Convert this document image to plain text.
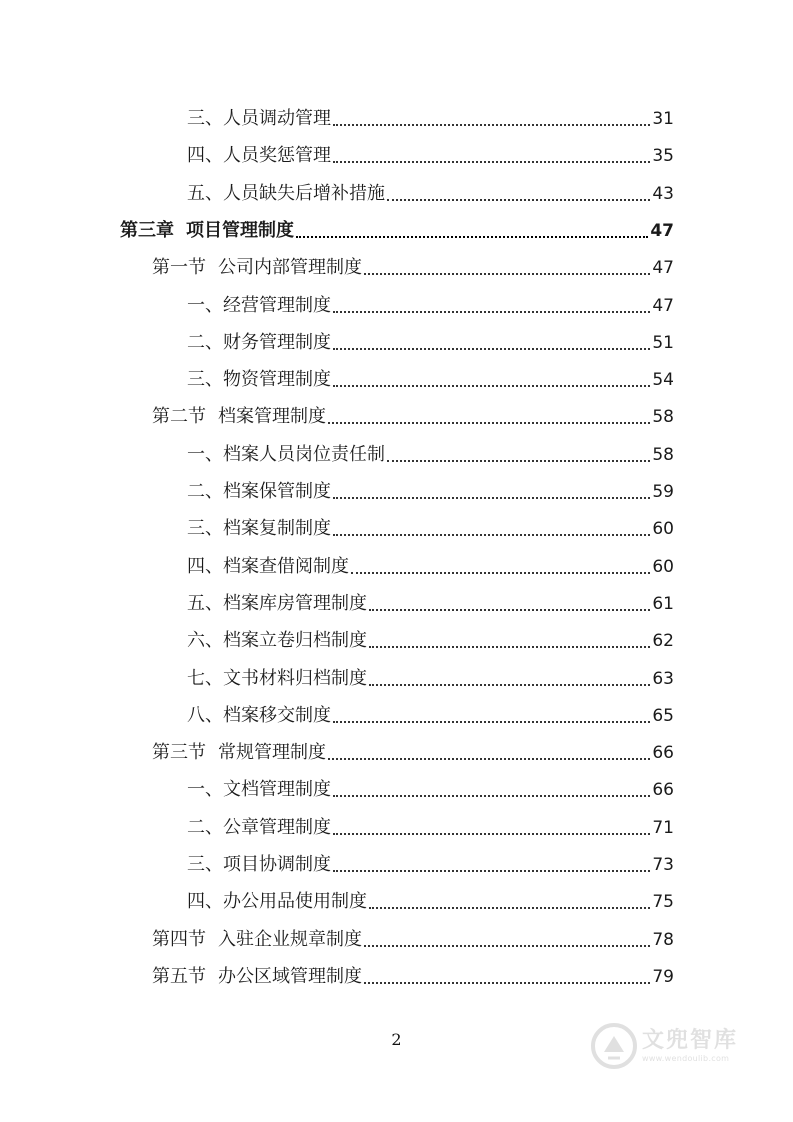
三、人员调动管理	31
四、人员奖惩管理	35
五、人员缺失后增补措施	43
第三章 项目管理制度	47
第一节 公司内部管理制度	47
一、经营管理制度	47
二、财务管理制度	51
三、物资管理制度	54
第二节 档案管理制度	58
一、档案人员岗位责任制	58
二、档案保管制度	59
三、档案复制制度	60
四、档案查借阅制度	60
五、档案库房管理制度	61
六、档案立卷归档制度	62
七、文书材料归档制度	63
八、档案移交制度	65
第三节 常规管理制度	66
一、文档管理制度	66
二、公章管理制度	71
三、项目协调制度	73
四、办公用品使用制度	75
第四节 入驻企业规章制度	78
第五节 办公区域管理制度	79
2	文兜智库
www.wendoulib.com
